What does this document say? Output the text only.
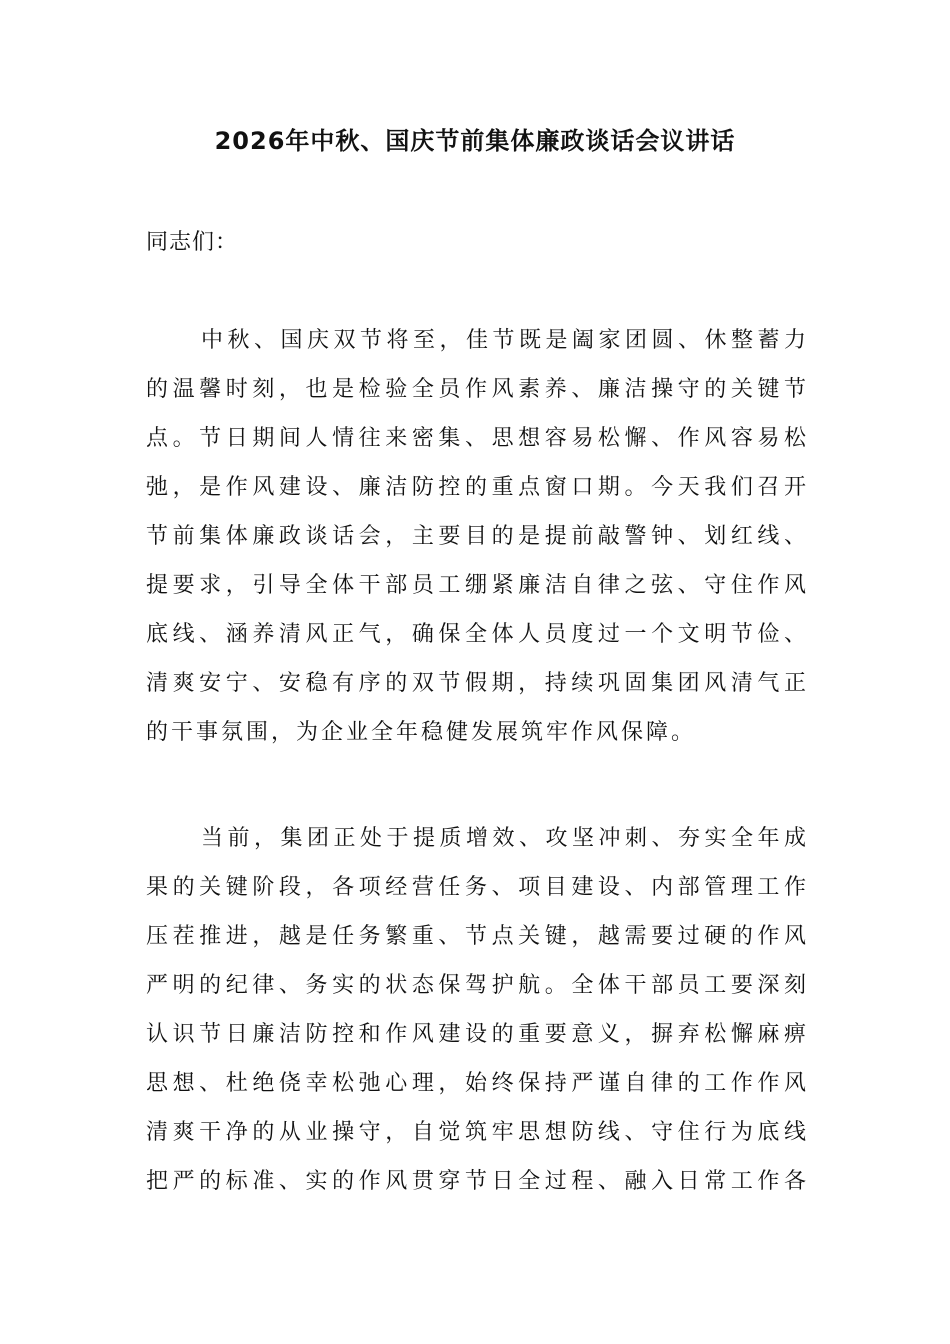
2026年中秋、国庆节前集体廉政谈话会议讲话

同志们：

中秋、国庆双节将至，佳节既是阖家团圆、休整蓄力
的温馨时刻，也是检验全员作风素养、廉洁操守的关键节
点。节日期间人情往来密集、思想容易松懈、作风容易松
弛，是作风建设、廉洁防控的重点窗口期。今天我们召开
节前集体廉政谈话会，主要目的是提前敲警钟、划红线、
提要求，引导全体干部员工绷紧廉洁自律之弦、守住作风
底线、涵养清风正气，确保全体人员度过一个文明节俭、
清爽安宁、安稳有序的双节假期，持续巩固集团风清气正
的干事氛围，为企业全年稳健发展筑牢作风保障。
当前，集团正处于提质增效、攻坚冲刺、夯实全年成
果的关键阶段，各项经营任务、项目建设、内部管理工作
压茬推进，越是任务繁重、节点关键，越需要过硬的作风
严明的纪律、务实的状态保驾护航。全体干部员工要深刻
认识节日廉洁防控和作风建设的重要意义，摒弃松懈麻痹
思想、杜绝侥幸松弛心理，始终保持严谨自律的工作作风
清爽干净的从业操守，自觉筑牢思想防线、守住行为底线
把严的标准、实的作风贯穿节日全过程、融入日常工作各
